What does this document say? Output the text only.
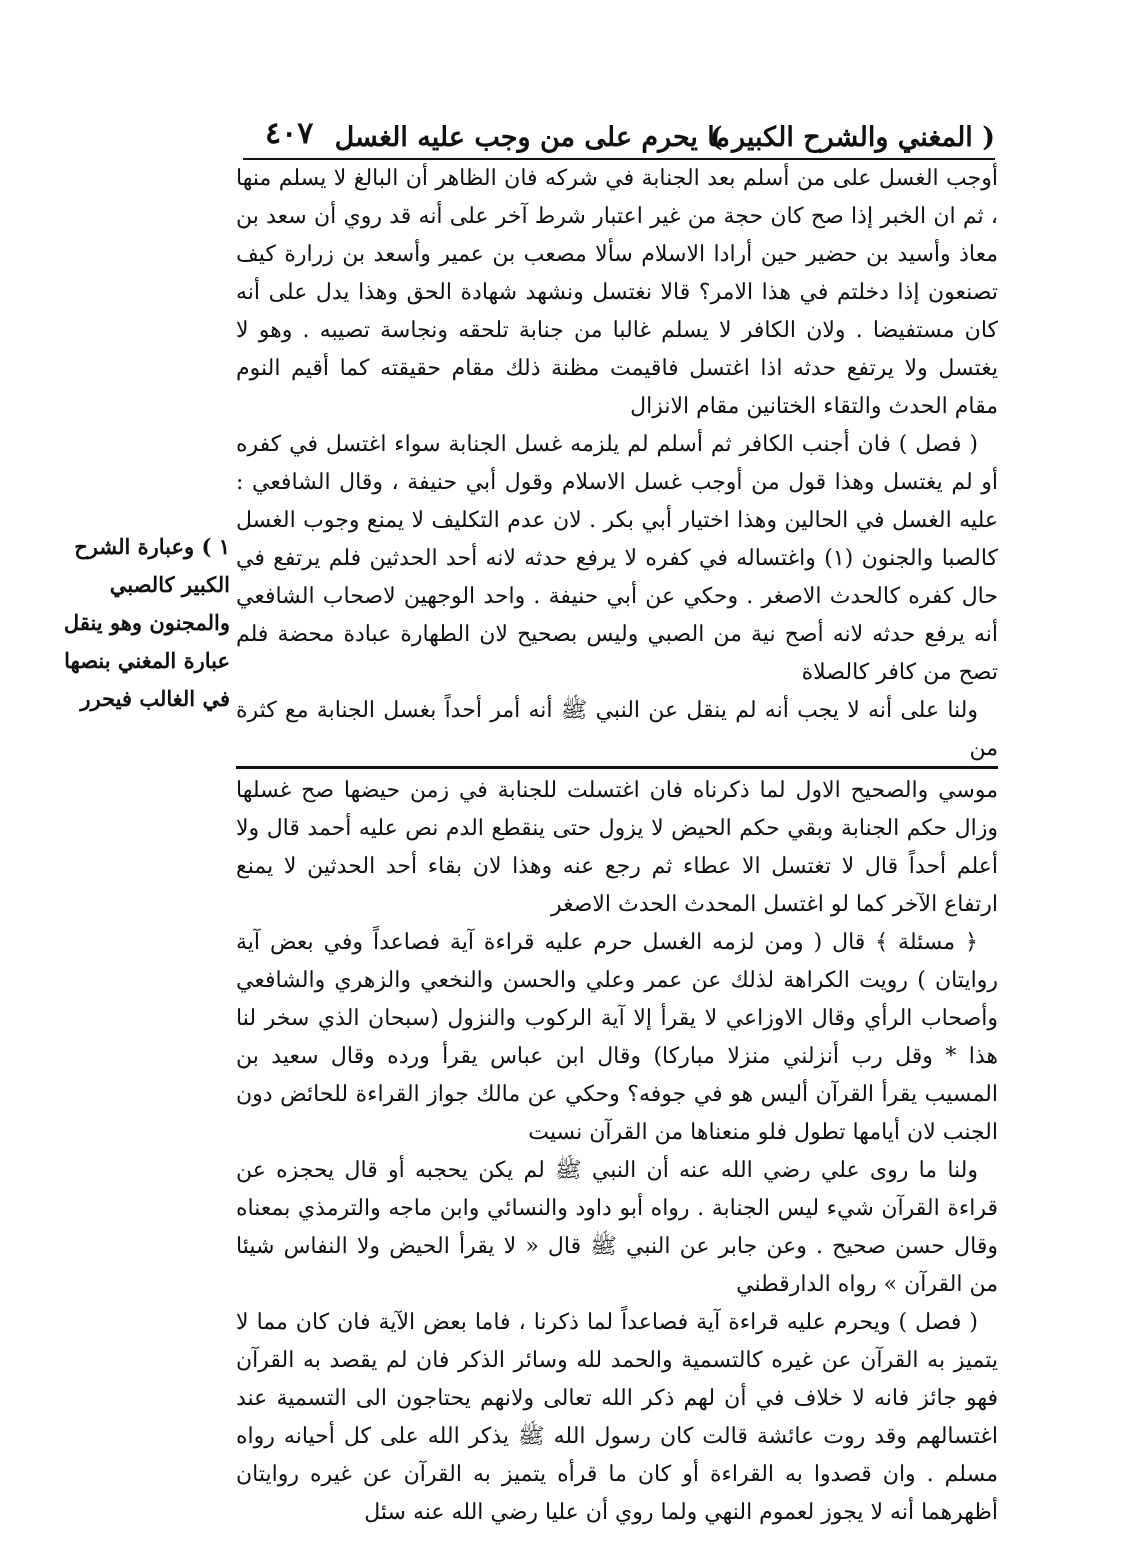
( المغني والشرح الكبير )
ما يحرم على من وجب عليه الغسل
٤٠٧

أوجب الغسل على من أسلم بعد الجنابة في شركه فان الظاهر أن البالغ لا يسلم منها ، ثم ان الخبر إذا صح كان حجة من غير اعتبار شرط آخر على أنه قد روي أن سعد بن معاذ وأسيد بن حضير حين أرادا الاسلام سألا مصعب بن عمير وأسعد بن زرارة كيف تصنعون إذا دخلتم في هذا الامر؟ قالا نغتسل ونشهد شهادة الحق وهذا يدل على أنه كان مستفيضا . ولان الكافر لا يسلم غالبا من جنابة تلحقه ونجاسة تصيبه . وهو لا يغتسل ولا يرتفع حدثه اذا اغتسل فاقيمت مظنة ذلك مقام حقيقته كما أقيم النوم مقام الحدث والتقاء الختانين مقام الانزال

( فصل ) فان أجنب الكافر ثم أسلم لم يلزمه غسل الجنابة سواء اغتسل في كفره أو لم يغتسل وهذا قول من أوجب غسل الاسلام وقول أبي حنيفة ، وقال الشافعي : عليه الغسل في الحالين وهذا اختيار أبي بكر . لان عدم التكليف لا يمنع وجوب الغسل كالصبا والجنون (١) واغتساله في كفره لا يرفع حدثه لانه أحد الحدثين فلم يرتفع في حال كفره كالحدث الاصغر . وحكي عن أبي حنيفة . واحد الوجهين لاصحاب الشافعي أنه يرفع حدثه لانه أصح نية من الصبي وليس بصحيح لان الطهارة عبادة محضة فلم تصح من كافر كالصلاة

ولنا على أنه لا يجب أنه لم ينقل عن النبي ﷺ أنه أمر أحداً بغسل الجنابة مع كثرة من

موسي والصحيح الاول لما ذكرناه فان اغتسلت للجنابة في زمن حيضها صح غسلها وزال حكم الجنابة وبقي حكم الحيض لا يزول حتى ينقطع الدم نص عليه أحمد قال ولا أعلم أحداً قال لا تغتسل الا عطاء ثم رجع عنه وهذا لان بقاء أحد الحدثين لا يمنع ارتفاع الآخر كما لو اغتسل المحدث الحدث الاصغر

﴿ مسئلة ﴾ قال ( ومن لزمه الغسل حرم عليه قراءة آية فصاعداً وفي بعض آية روايتان ) رويت الكراهة لذلك عن عمر وعلي والحسن والنخعي والزهري والشافعي وأصحاب الرأي وقال الاوزاعي لا يقرأ إلا آية الركوب والنزول (سبحان الذي سخر لنا هذا * وقل رب أنزلني منزلا مباركا) وقال ابن عباس يقرأ ورده وقال سعيد بن المسيب يقرأ القرآن أليس هو في جوفه؟ وحكي عن مالك جواز القراءة للحائض دون الجنب لان أيامها تطول فلو منعناها من القرآن نسيت

ولنا ما روى علي رضي الله عنه أن النبي ﷺ لم يكن يحجبه أو قال يحجزه عن قراءة القرآن شيء ليس الجنابة . رواه أبو داود والنسائي وابن ماجه والترمذي بمعناه وقال حسن صحيح . وعن جابر عن النبي ﷺ قال « لا يقرأ الحيض ولا النفاس شيئا من القرآن » رواه الدارقطني

( فصل ) ويحرم عليه قراءة آية فصاعداً لما ذكرنا ، فاما بعض الآية فان كان مما لا يتميز به القرآن عن غيره كالتسمية والحمد لله وسائر الذكر فان لم يقصد به القرآن فهو جائز فانه لا خلاف في أن لهم ذكر الله تعالى ولانهم يحتاجون الى التسمية عند اغتسالهم وقد روت عائشة قالت كان رسول الله ﷺ يذكر الله على كل أحيانه رواه مسلم . وان قصدوا به القراءة أو كان ما قرأه يتميز به القرآن عن غيره روايتان أظهرهما أنه لا يجوز لعموم النهي ولما روي أن عليا رضي الله عنه سئل

١ ) وعبارة الشرح الكبير كالصبي والمجنون وهو ينقل عبارة المغني بنصها في الغالب فيحرر
